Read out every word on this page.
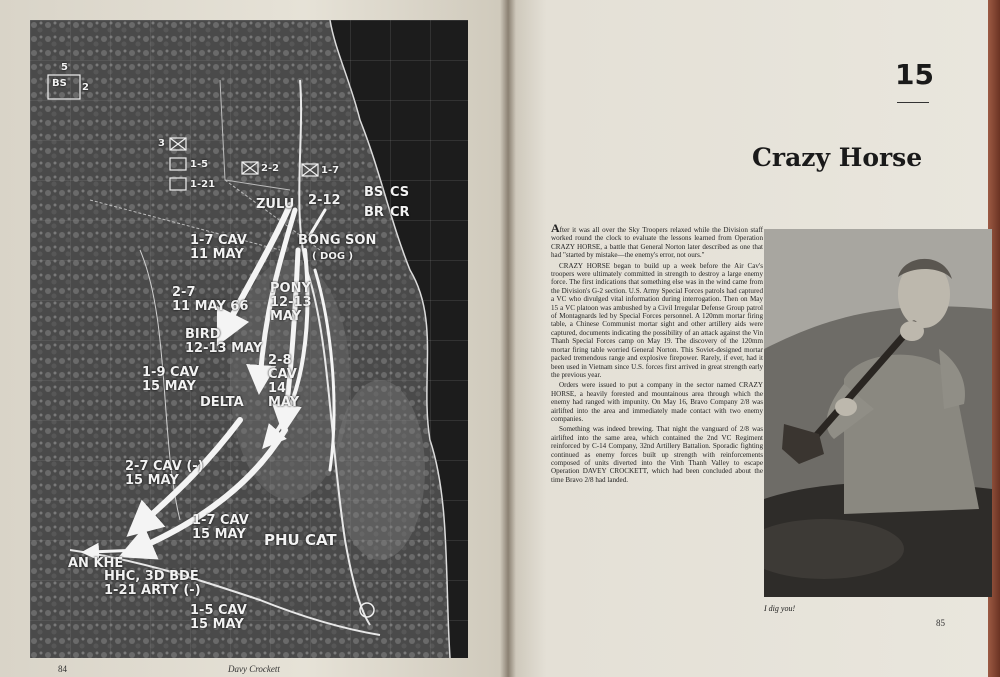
BS
5
2
3
1-5
1-21
2-2	1-7
ZULU 2-12
BS CS
BR CR
1-7 CAV
11 MAY
BONG SON
( DOG )
PONY
12-13
MAY
2-7
11 MAY 66
BIRD
12-13 MAY
1-9 CAV
15 MAY
DELTA
2-8
CAV
14
MAY
2-7 CAV (-)
15 MAY
1-7 CAV
15 MAY PHU CAT
AN KHE
HHC, 3D BDE
1-21 ARTY (-)
1-5 CAV
15 MAY
84	Davy Crockett
15
Crazy Horse

After it was all over the Sky Troopers relaxed while the Division staff worked round the clock to evaluate the lessons learned from Operation CRAZY HORSE, a battle that General Norton later described as one that had "started by mistake—the enemy's error, not ours."

CRAZY HORSE began to build up a week before the Air Cav's troopers were ultimately committed in strength to destroy a large enemy force. The first indications that something else was in the wind came from the Division's G-2 section. U.S. Army Special Forces patrols had captured a VC who divulged vital information during interrogation. Then on May 15 a VC platoon was ambushed by a Civil Irregular Defense Group patrol of Montagnards led by Special Forces personnel. A 120mm mortar firing table, a Chinese Communist mortar sight and other artillery aids were captured, documents indicating the possibility of an attack against the Vin Thanh Special Forces camp on May 19. The discovery of the 120mm mortar firing table worried General Norton. This Soviet-designed mortar packed tremendous range and explosive firepower. Rarely, if ever, had it been used in Vietnam since U.S. forces first arrived in great strength early the previous year.

Orders were issued to put a company in the sector named CRAZY HORSE, a heavily forested and mountainous area through which the enemy had ranged with impunity. On May 16, Bravo Company 2/8 was airlifted into the area and immediately made contact with two enemy companies.

Something was indeed brewing. That night the vanguard of 2/8 was airlifted into the same area, which contained the 2nd VC Regiment reinforced by C-14 Company, 32nd Artillery Battalion. Sporadic fighting continued as enemy forces built up strength with reinforcements composed of units diverted into the Vinh Thanh Valley to escape Operation DAVEY CROCKETT, which had been concluded about the time Bravo 2/8 had landed.

I dig you!
85
